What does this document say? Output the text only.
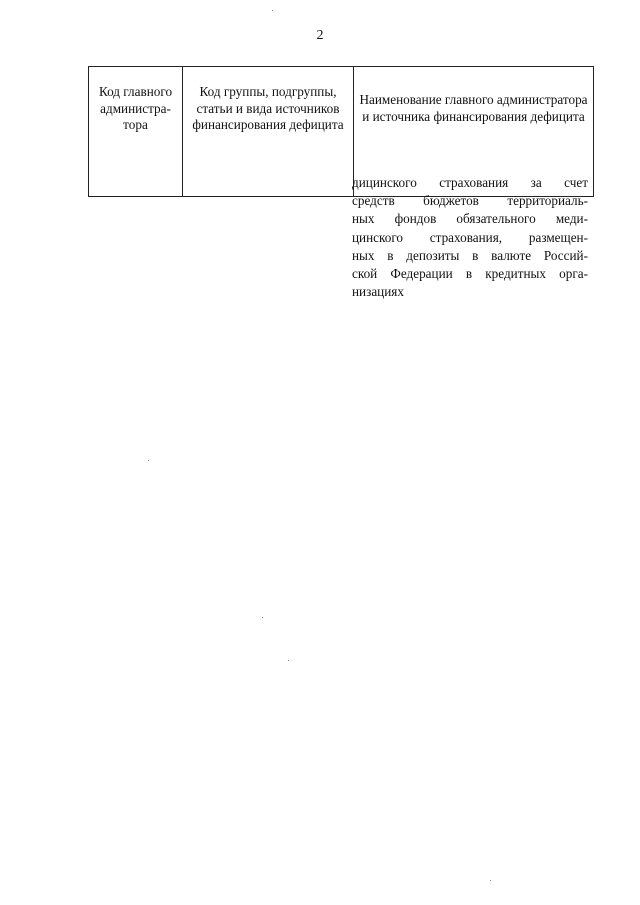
2
Код главного администра-тора	Код группы, подгруппы, статьи и вида источников финансирования дефицита	Наименование главного администратора и источника финансирования дефицита
дицинского страхования за счет
средств бюджетов территориаль-
ных фондов обязательного меди-
цинского страхования, размещен-
ных в депозиты в валюте Россий-
ской Федерации в кредитных орга-
низациях
